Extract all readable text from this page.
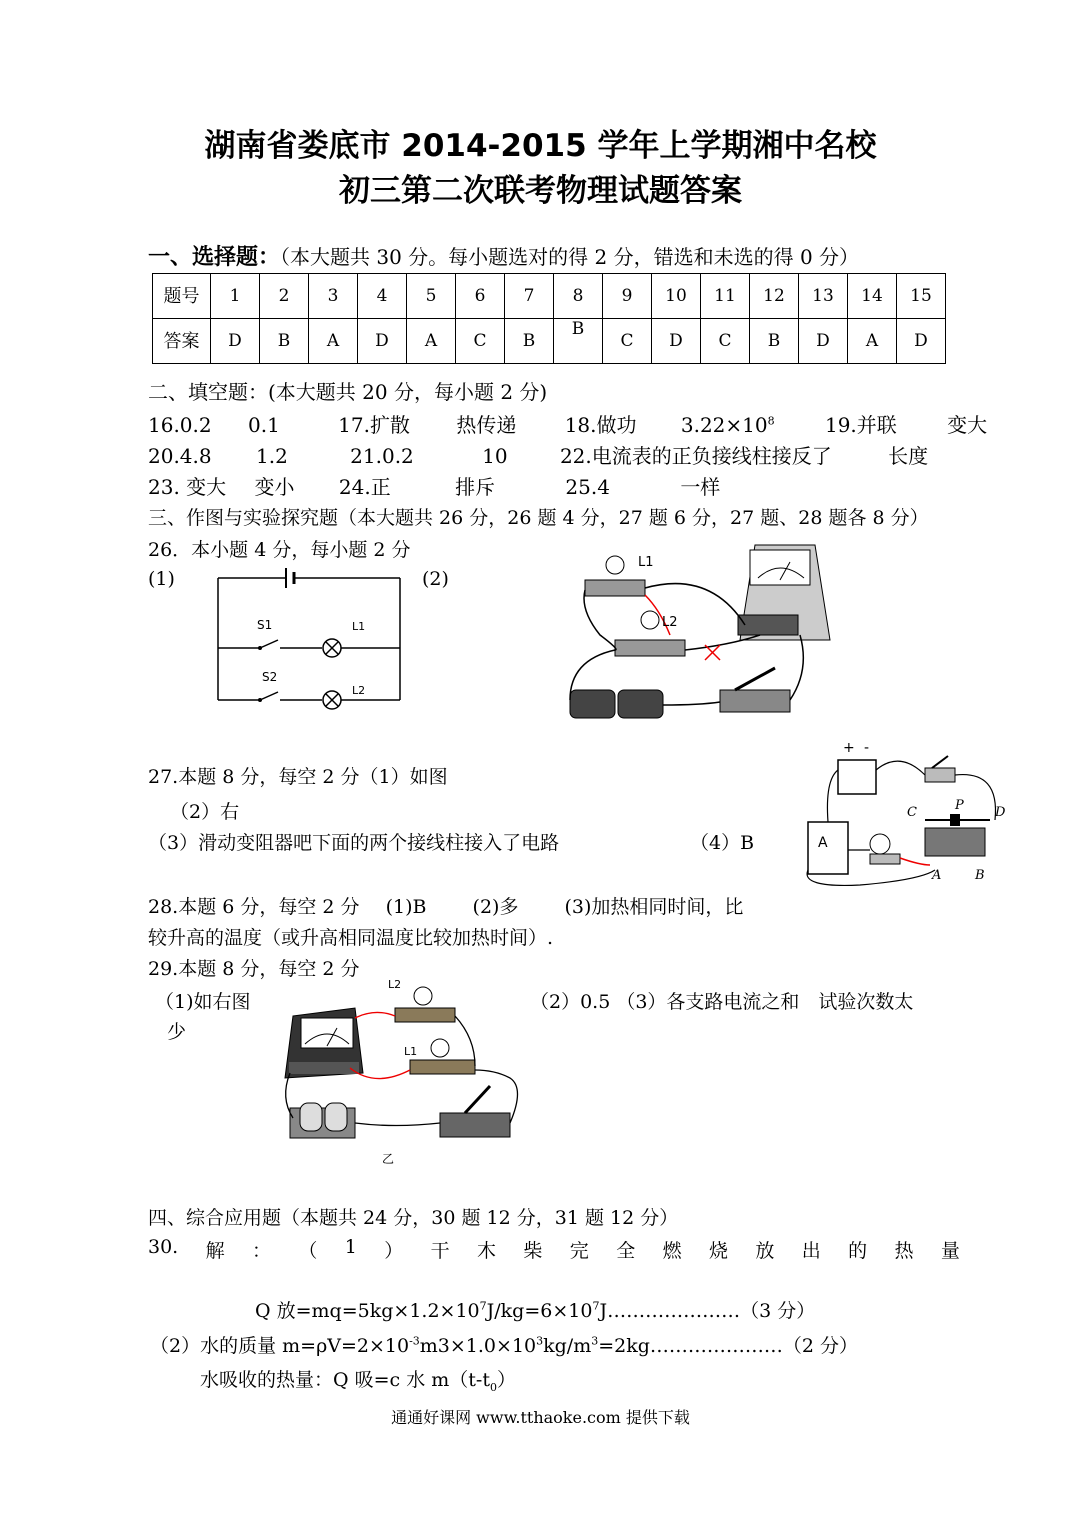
湖南省娄底市 2014-2015 学年上学期湘中名校
初三第二次联考物理试题答案
一、选择题：（本大题共 30 分。每小题选对的得 2 分，错选和未选的得 0 分）
题号	1	2	3	4	5	6	7	8	9	10	11	12	13	14	15
答案	D	B	A	D	A	C	B	B	C	D	C	B	D	A	D
二、填空题：(本大题共 20 分，每小题 2 分)
16.0.2 0.1	17.扩散 热传递 18.做功 $3.22\times 10^8$	19.并联	变大
20.4.8 1.2	21.0.2	10	22.电流表的正负接线柱接反了	长度
23. 变大 变小 24.正	排斥	25.4	一样
三、作图与实验探究题（本大题共 26 分，26 题 4 分，27 题 6 分，27 题、28 题各 8 分）
26．本小题 4 分，每小题 2 分
(1)	(2)
S1	L1
S2
L2
L1
L2
27.本题 8 分，每空 2 分（1）如图
（2）右
（3）滑动变阻器吧下面的两个接线柱接入了电路	（4）B
+ -
A
C	P D
A	B
28.本题 6 分，每空 2 分 (1)B (2)多 (3)加热相同时间，比
较升高的温度（或升高相同温度比较加热时间）.
29.本题 8 分，每空 2 分
（1)如右图
少
（2）0.5 （3）各支路电流之和　试验次数太
L2
L1
乙
四、综合应用题（本题共 24 分，30 题 12 分，31 题 12 分）
30. 解 ： （ 1 ） 干 木 柴 完 全 燃 烧 放 出 的 热 量
Q 放$=mq=5kg\times 1.2\times 10^7J/kg=6\times 10^7J\dots\dots\dots\dots\dots\dots\dots(3$ 分）
（2）水的质量 $m=\rho V=2\times 10^{-3}m3\times 1.0\times 10^3kg/m^3=2kg\dots\dots\dots\dots\dots\dots\dots(2$ 分）
水吸收的热量：Q 吸=c 水 $m(t-t_0)$
通通好课网 www.tthaoke.com 提供下载
